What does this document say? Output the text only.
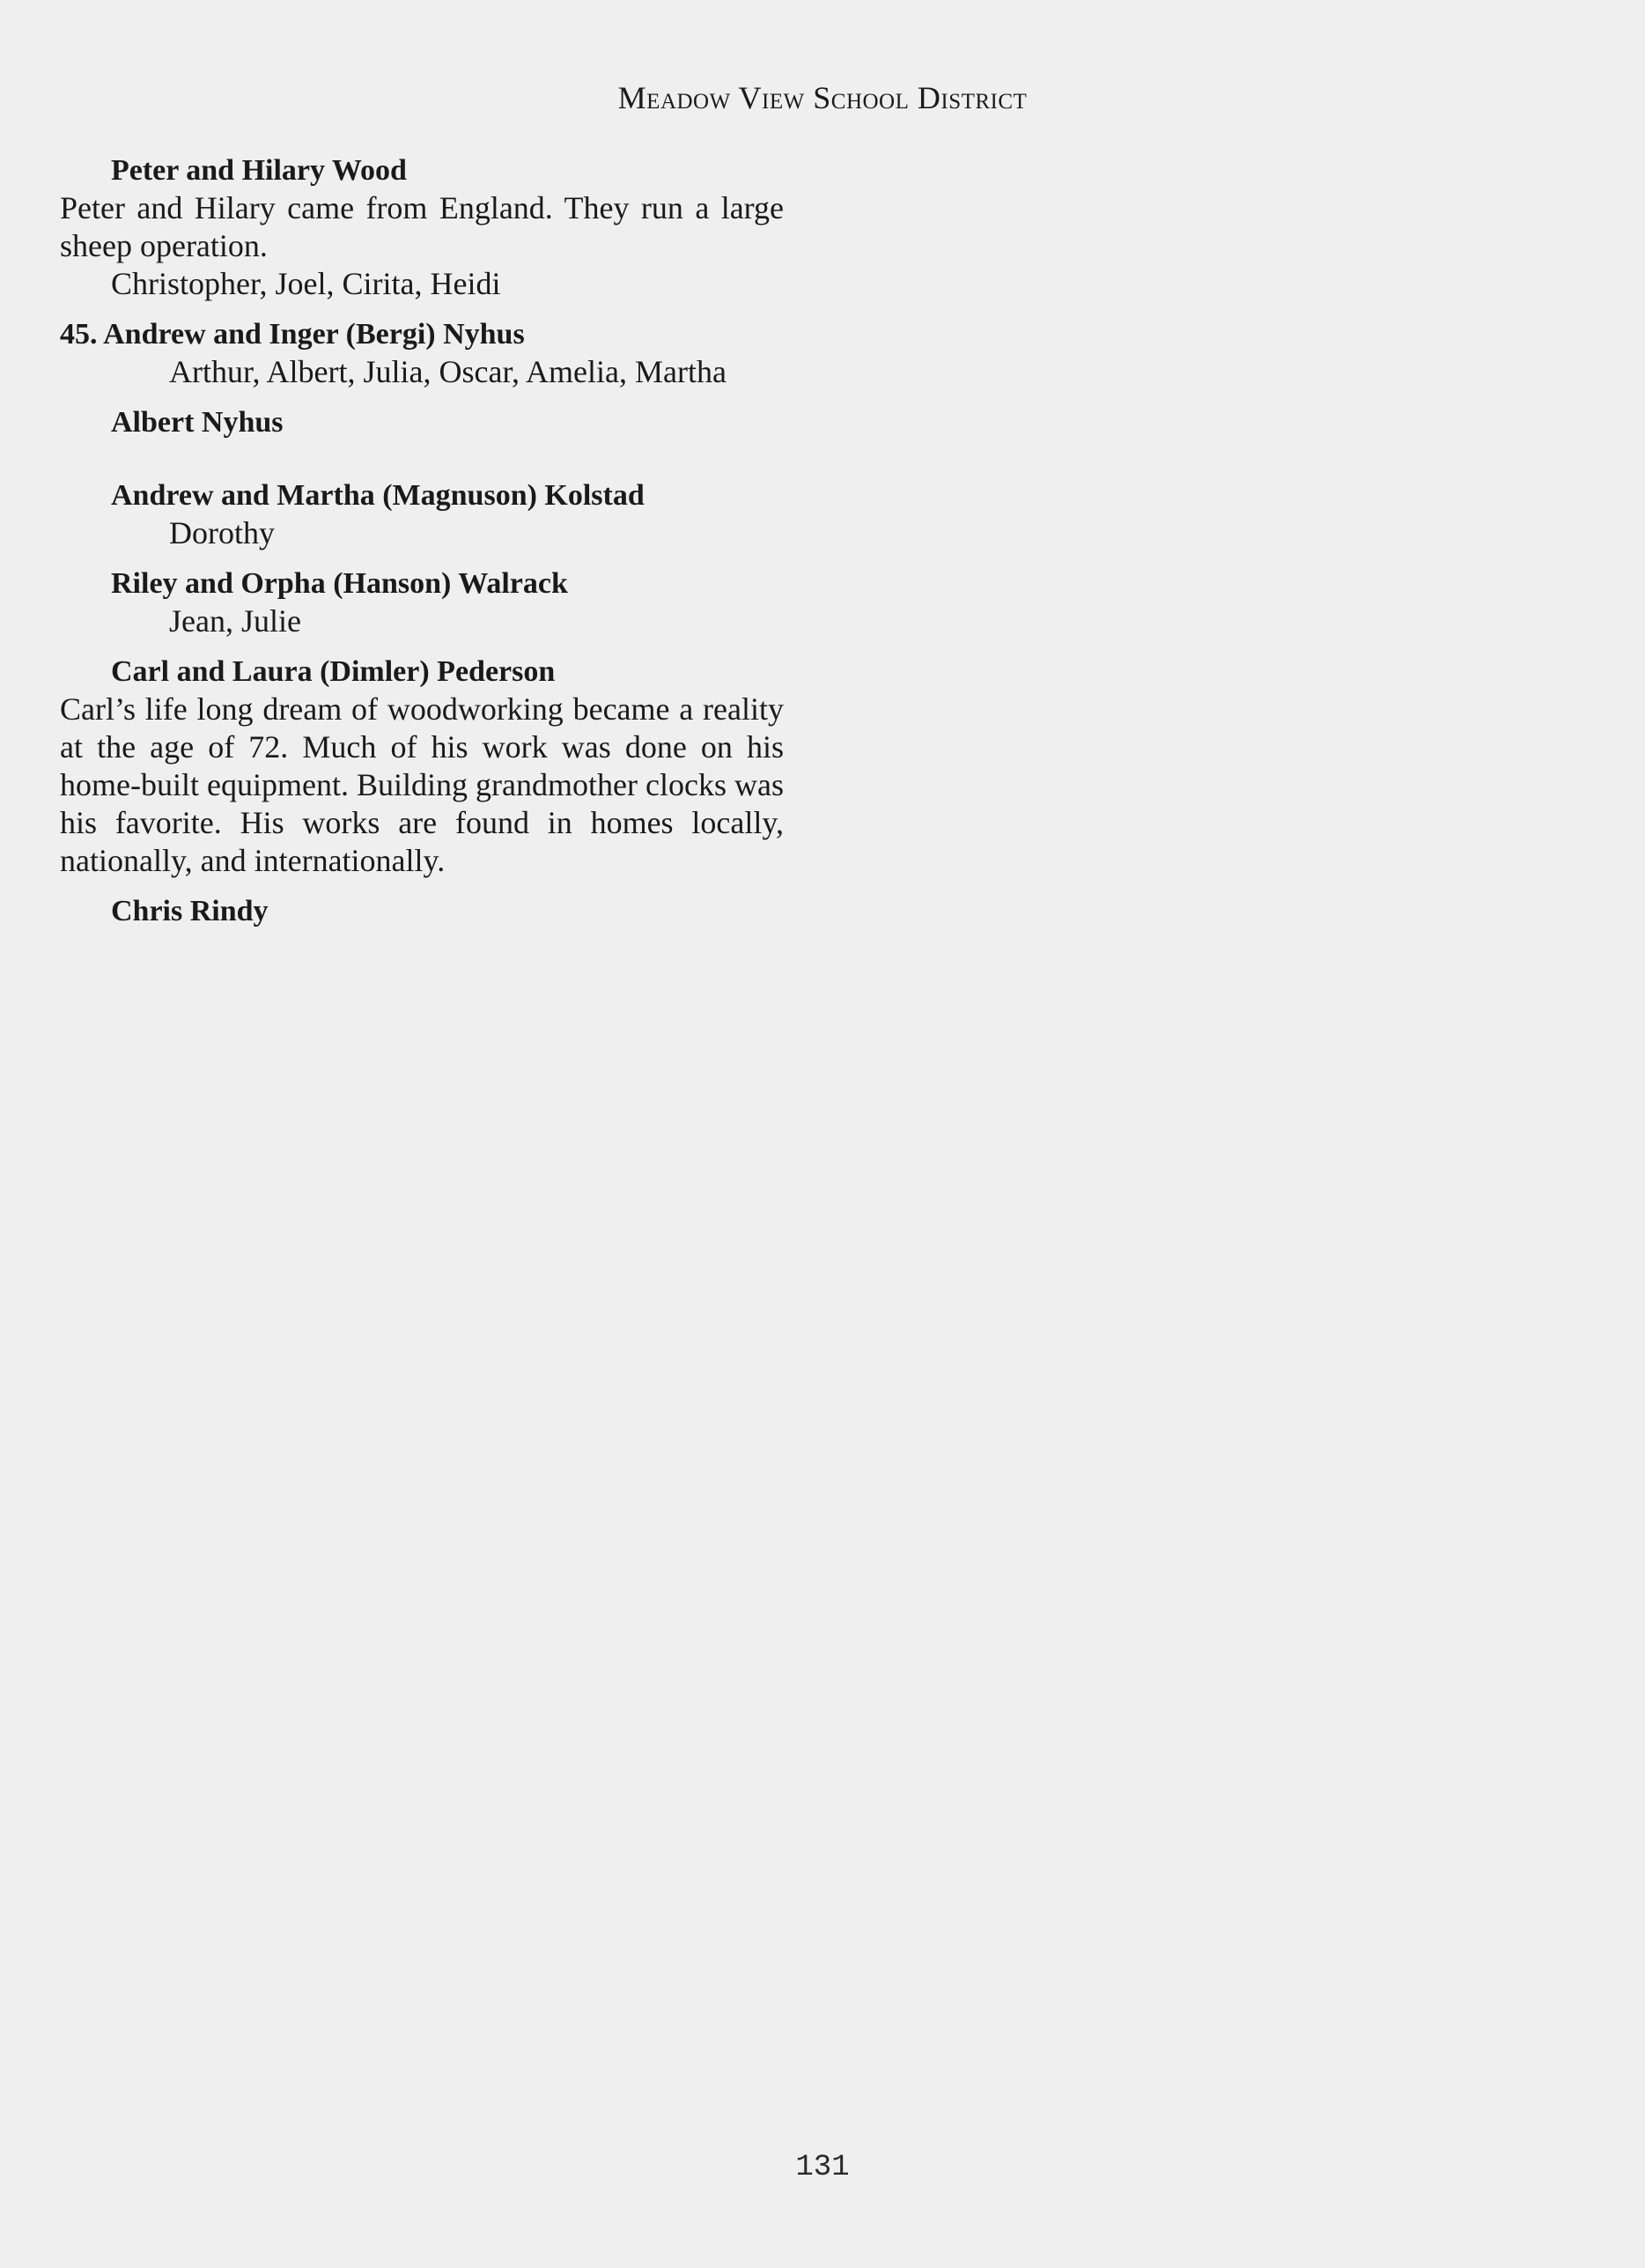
Meadow View School District
Peter and Hilary Wood
Peter and Hilary came from England. They run a large sheep operation.
Christopher, Joel, Cirita, Heidi
45. Andrew and Inger (Bergi) Nyhus
Arthur, Albert, Julia, Oscar, Amelia, Martha
Albert Nyhus
Andrew and Martha (Magnuson) Kolstad
Dorothy
Riley and Orpha (Hanson) Walrack
Jean, Julie
Carl and Laura (Dimler) Pederson
Carl’s life long dream of woodworking became a reality at the age of 72. Much of his work was done on his home-built equipment. Building grandmother clocks was his favorite. His works are found in homes locally, nationally, and internationally.
Chris Rindy
131
